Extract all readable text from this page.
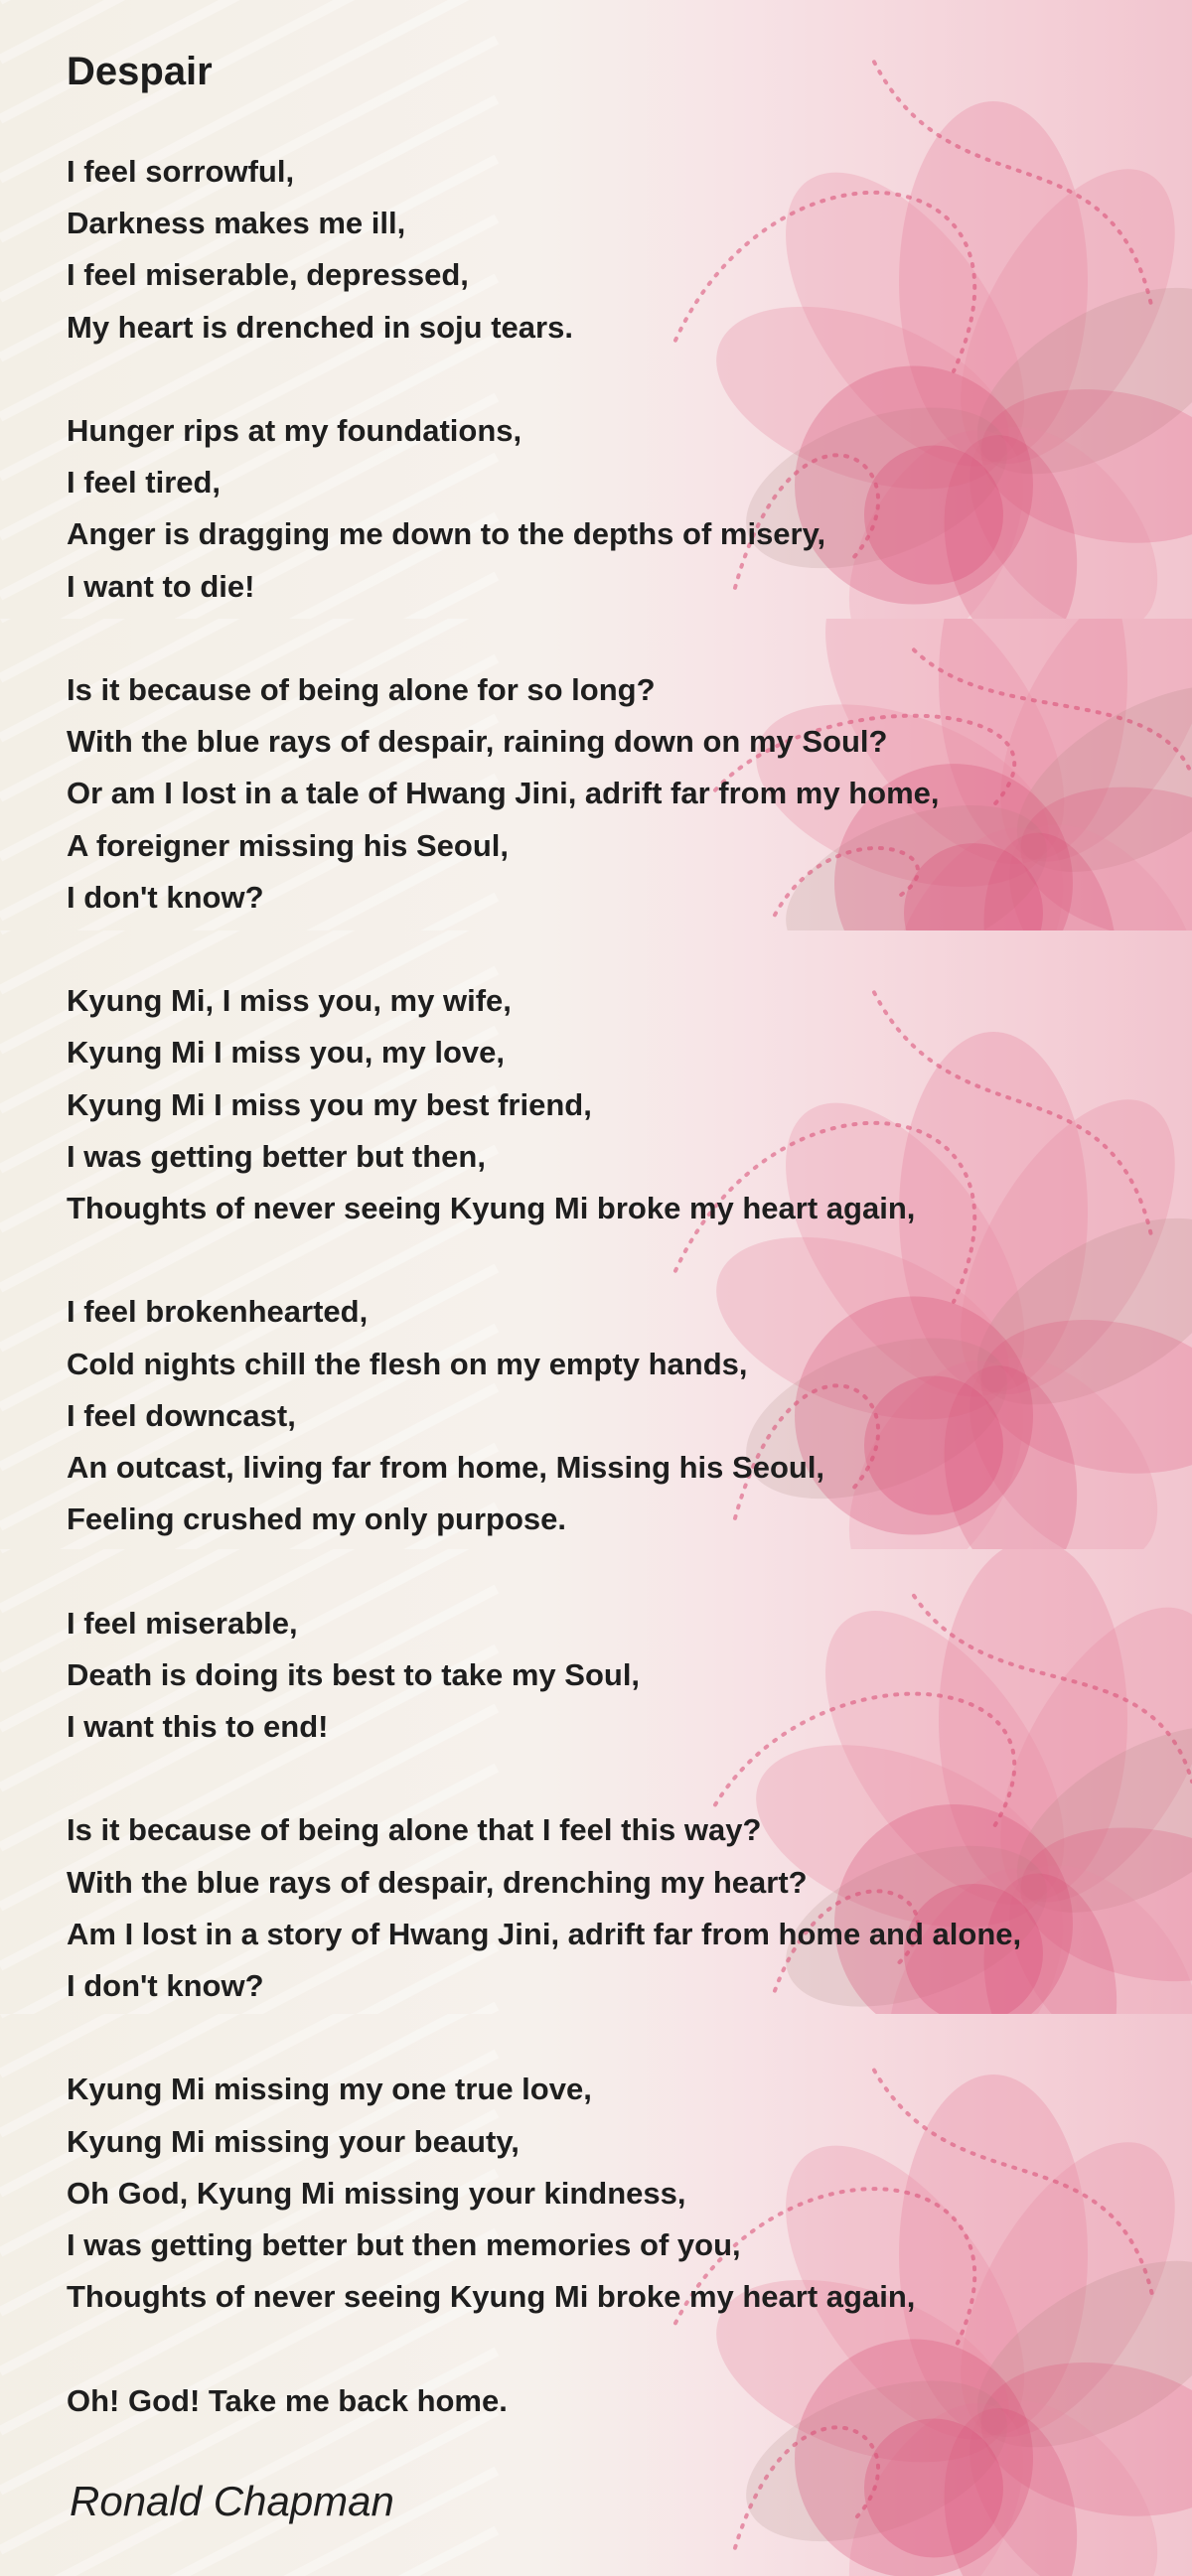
Despair
I feel sorrowful,
Darkness makes me ill,
I feel miserable, depressed,
My heart is drenched in soju tears.
Hunger rips at my foundations,
I feel tired,
Anger is dragging me down to the depths of misery,
I want to die!
Is it because of being alone for so long?
With the blue rays of despair, raining down on my Soul?
Or am I lost in a tale of Hwang Jini, adrift far from my home,
A foreigner missing his Seoul,
I don't know?
Kyung Mi, I miss you, my wife,
Kyung Mi I miss you, my love,
Kyung Mi I miss you my best friend,
I was getting better but then,
Thoughts of never seeing Kyung Mi broke my heart again,
I feel brokenhearted,
Cold nights chill the flesh on my empty hands,
I feel downcast,
An outcast, living far from home, Missing his Seoul,
Feeling crushed my only purpose.
I feel miserable,
Death is doing its best to take my Soul,
I want this to end!
Is it because of being alone that I feel this way?
With the blue rays of despair, drenching my heart?
Am I lost in a story of Hwang Jini, adrift far from home and alone,
I don't know?
Kyung Mi missing my one true love,
Kyung Mi missing your beauty,
Oh God, Kyung Mi missing your kindness,
I was getting better but then memories of you,
Thoughts of never seeing Kyung Mi broke my heart again,
Oh! God! Take me back home.
Ronald Chapman
